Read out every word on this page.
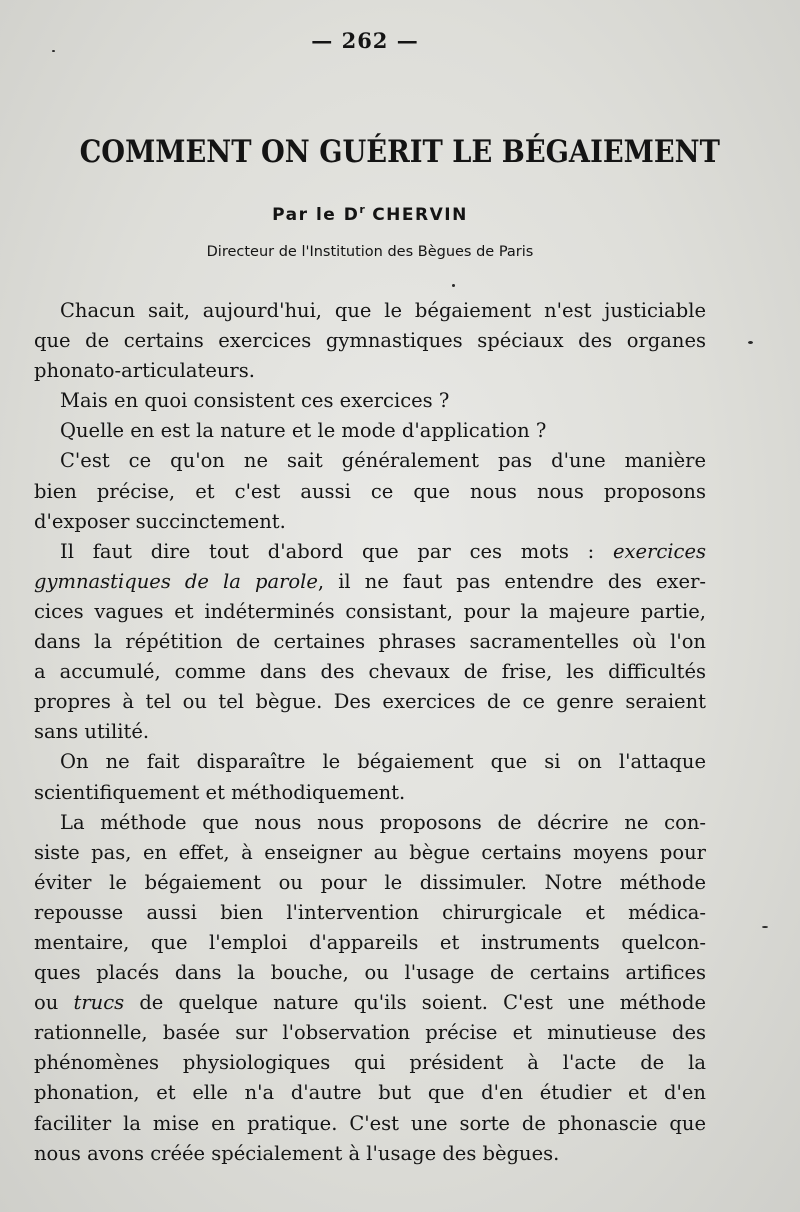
— 262 —
COMMENT ON GUÉRIT LE BÉGAIEMENT
Par le $D^r$ CHERVIN
Directeur de l'Institution des Bègues de Paris
Chacun sait, aujourd'hui, que le bégaiement n'est justiciable
que de certains exercices gymnastiques spéciaux des organes
phonato-articulateurs.
Mais en quoi consistent ces exercices ?
Quelle en est la nature et le mode d'application ?
C'est ce qu'on ne sait généralement pas d'une manière
bien précise, et c'est aussi ce que nous nous proposons
d'exposer succinctement.
Il faut dire tout d'abord que par ces mots : exercices
gymnastiques de la parole, il ne faut pas entendre des exer-
cices vagues et indéterminés consistant, pour la majeure partie,
dans la répétition de certaines phrases sacramentelles où l'on
a accumulé, comme dans des chevaux de frise, les difficultés
propres à tel ou tel bègue. Des exercices de ce genre seraient
sans utilité.
On ne fait disparaître le bégaiement que si on l'attaque
scientifiquement et méthodiquement.
La méthode que nous nous proposons de décrire ne con-
siste pas, en effet, à enseigner au bègue certains moyens pour
éviter le bégaiement ou pour le dissimuler. Notre méthode
repousse aussi bien l'intervention chirurgicale et médica-
mentaire, que l'emploi d'appareils et instruments quelcon-
ques placés dans la bouche, ou l'usage de certains artifices
ou trucs de quelque nature qu'ils soient. C'est une méthode
rationnelle, basée sur l'observation précise et minutieuse des
phénomènes physiologiques qui président à l'acte de la
phonation, et elle n'a d'autre but que d'en étudier et d'en
faciliter la mise en pratique. C'est une sorte de phonascie que
nous avons créée spécialement à l'usage des bègues.
